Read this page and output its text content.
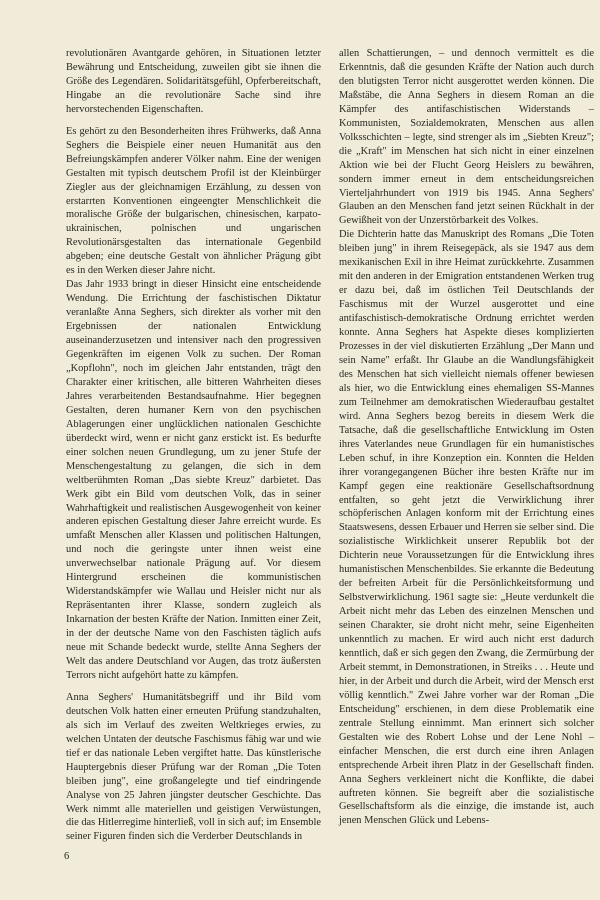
revolutionären Avantgarde gehören, in Situationen letzter Bewährung und Entscheidung, zuweilen gibt sie ihnen die Größe des Legendären. Solidaritätsgefühl, Opferbereitschaft, Hingabe an die revolutionäre Sache sind ihre hervorstechenden Eigenschaften.

Es gehört zu den Besonderheiten ihres Frühwerks, daß Anna Seghers die Beispiele einer neuen Humanität aus den Befreiungskämpfen anderer Völker nahm. Eine der wenigen Gestalten mit typisch deutschem Profil ist der Kleinbürger Ziegler aus der gleichnamigen Erzählung, zu dessen von erstarrten Konventionen eingeengter Menschlichkeit die moralische Größe der bulgarischen, chinesischen, karpato-ukrainischen, polnischen und ungarischen Revolutionärsgestalten das internationale Gegenbild abgeben; eine deutsche Gestalt von ähnlicher Prägung gibt es in den Werken dieser Jahre nicht.

Das Jahr 1933 bringt in dieser Hinsicht eine entscheidende Wendung. Die Errichtung der faschistischen Diktatur veranlaßte Anna Seghers, sich direkter als vorher mit den Ergebnissen der nationalen Entwicklung auseinanderzusetzen und intensiver nach den progressiven Gegenkräften im eigenen Volk zu suchen. Der Roman „Kopflohn", noch im gleichen Jahr entstanden, trägt den Charakter einer kritischen, alle bitteren Wahrheiten dieses Jahres verarbeitenden Bestandsaufnahme. Hier begegnen Gestalten, deren humaner Kern von den psychischen Ablagerungen einer unglücklichen nationalen Geschichte überdeckt wird, wenn er nicht ganz erstickt ist. Es bedurfte einer solchen neuen Grundlegung, um zu jener Stufe der Menschengestaltung zu gelangen, die sich in dem weltberühmten Roman „Das siebte Kreuz" darbietet. Das Werk gibt ein Bild vom deutschen Volk, das in seiner Wahrhaftigkeit und realistischen Ausgewogenheit von keiner anderen epischen Gestaltung dieser Jahre erreicht wurde. Es umfaßt Menschen aller Klassen und politischen Haltungen, und noch die geringste unter ihnen weist eine unverwechselbar nationale Prägung auf. Vor diesem Hintergrund erscheinen die kommunistischen Widerstandskämpfer wie Wallau und Heisler nicht nur als Repräsentanten ihrer Klasse, sondern zugleich als Inkarnation der besten Kräfte der Nation. Inmitten einer Zeit, in der der deutsche Name von den Faschisten täglich aufs neue mit Schande bedeckt wurde, stellte Anna Seghers der Welt das andere Deutschland vor Augen, das trotz äußersten Terrors nicht aufgehört hatte zu kämpfen.

Anna Seghers' Humanitätsbegriff und ihr Bild vom deutschen Volk hatten einer erneuten Prüfung standzuhalten, als sich im Verlauf des zweiten Weltkrieges erwies, zu welchen Untaten der deutsche Faschismus fähig war und wie tief er das nationale Leben vergiftet hatte. Das künstlerische Hauptergebnis dieser Prüfung war der Roman „Die Toten bleiben jung", eine großangelegte und tief eindringende Analyse von 25 Jahren jüngster deutscher Geschichte. Das Werk nimmt alle materiellen und geistigen Verwüstungen, die das Hitlerregime hinterließ, voll in sich auf; im Ensemble seiner Figuren finden sich die Verderber Deutschlands in

allen Schattierungen, – und dennoch vermittelt es die Erkenntnis, daß die gesunden Kräfte der Nation auch durch den blutigsten Terror nicht ausgerottet werden können. Die Maßstäbe, die Anna Seghers in diesem Roman an die Kämpfer des antifaschistischen Widerstands – Kommunisten, Sozialdemokraten, Menschen aus allen Volksschichten – legte, sind strenger als im „Siebten Kreuz"; die „Kraft" im Menschen hat sich nicht in einer einzelnen Aktion wie bei der Flucht Georg Heislers zu bewähren, sondern immer erneut in dem entscheidungsreichen Vierteljahrhundert von 1919 bis 1945. Anna Seghers' Glauben an den Menschen fand jetzt seinen Rückhalt in der Gewißheit von der Unzerstörbarkeit des Volkes.

Die Dichterin hatte das Manuskript des Romans „Die Toten bleiben jung" in ihrem Reisegepäck, als sie 1947 aus dem mexikanischen Exil in ihre Heimat zurückkehrte. Zusammen mit den anderen in der Emigration entstandenen Werken trug er dazu bei, daß im östlichen Teil Deutschlands der Faschismus mit der Wurzel ausgerottet und eine antifaschistisch-demokratische Ordnung errichtet werden konnte. Anna Seghers hat Aspekte dieses komplizierten Prozesses in der viel diskutierten Erzählung „Der Mann und sein Name" erfaßt. Ihr Glaube an die Wandlungsfähigkeit des Menschen hat sich vielleicht niemals offener bewiesen als hier, wo die Entwicklung eines ehemaligen SS-Mannes zum Teilnehmer am demokratischen Wiederaufbau gestaltet wird. Anna Seghers bezog bereits in diesem Werk die Tatsache, daß die gesellschaftliche Entwicklung im Osten ihres Vaterlandes neue Grundlagen für ein humanistisches Leben schuf, in ihre Konzeption ein. Konnten die Helden ihrer vorangegangenen Bücher ihre besten Kräfte nur im Kampf gegen eine reaktionäre Gesellschaftsordnung entfalten, so geht jetzt die Verwirklichung ihrer schöpferischen Anlagen konform mit der Errichtung eines Staatswesens, dessen Erbauer und Herren sie selber sind. Die sozialistische Wirklichkeit unserer Republik bot der Dichterin neue Voraussetzungen für die Entwicklung ihres humanistischen Menschenbildes. Sie erkannte die Bedeutung der befreiten Arbeit für die Persönlichkeitsformung und Selbstverwirklichung. 1961 sagte sie: „Heute verdunkelt die Arbeit nicht mehr das Leben des einzelnen Menschen und seinen Charakter, sie droht nicht mehr, seine Eigenheiten unkenntlich zu machen. Er wird auch nicht erst dadurch kenntlich, daß er sich gegen den Zwang, die Zermürbung der Arbeit stemmt, in Demonstrationen, in Streiks . . . Heute und hier, in der Arbeit und durch die Arbeit, wird der Mensch erst völlig kenntlich." Zwei Jahre vorher war der Roman „Die Entscheidung" erschienen, in dem diese Problematik eine zentrale Stellung einnimmt. Man erinnert sich solcher Gestalten wie des Robert Lohse und der Lene Nohl – einfacher Menschen, die erst durch eine ihren Anlagen entsprechende Arbeit ihren Platz in der Gesellschaft finden. Anna Seghers verkleinert nicht die Konflikte, die dabei auftreten können. Sie begreift aber die sozialistische Gesellschaftsform als die einzige, die imstande ist, auch jenen Menschen Glück und Lebens-

6
